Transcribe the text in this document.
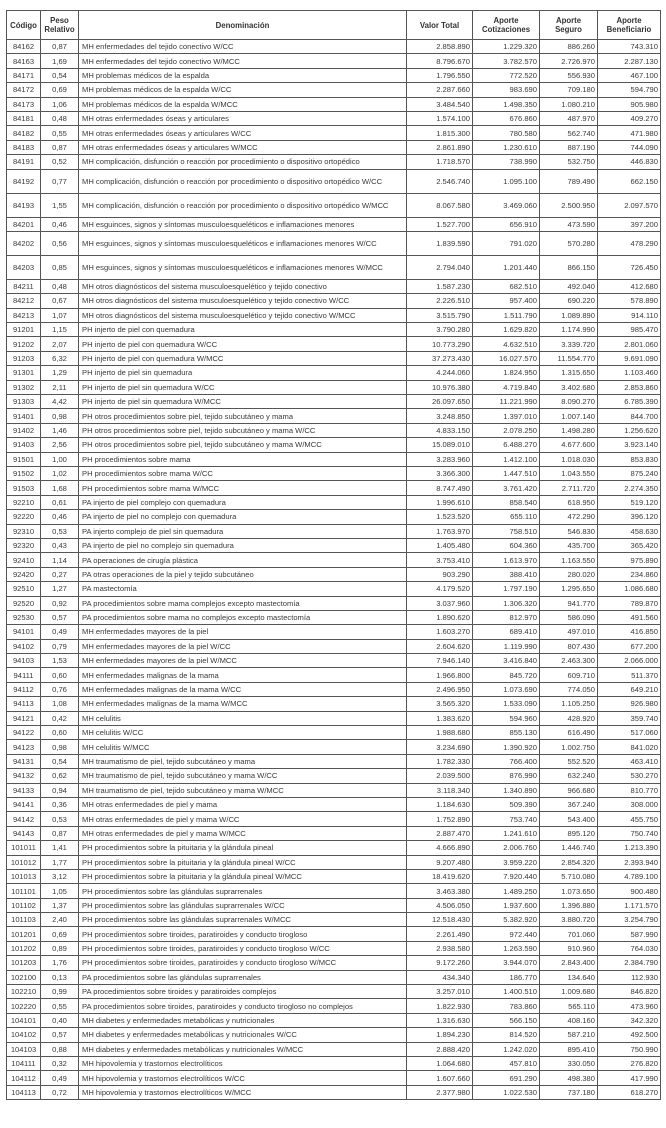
Código	Peso Relativo	Denominación	Valor Total	Aporte Cotizaciones	Aporte Seguro	Aporte Beneficiario
84162	0,87	MH enfermedades del tejido conectivo W/CC	2.858.890	1.229.320	886.260	743.310
84163	1,69	MH enfermedades del tejido conectivo W/MCC	8.796.670	3.782.570	2.726.970	2.287.130
84171	0,54	MH problemas médicos de la espalda	1.796.550	772.520	556.930	467.100
84172	0,69	MH problemas médicos de la espalda W/CC	2.287.660	983.690	709.180	594.790
84173	1,06	MH problemas médicos de la espalda W/MCC	3.484.540	1.498.350	1.080.210	905.980
84181	0,48	MH otras enfermedades óseas y articulares	1.574.100	676.860	487.970	409.270
84182	0,55	MH otras enfermedades óseas y articulares W/CC	1.815.300	780.580	562.740	471.980
84183	0,87	MH otras enfermedades óseas y articulares W/MCC	2.861.890	1.230.610	887.190	744.090
84191	0,52	MH complicación, disfunción o reacción por procedimiento o dispositivo ortopédico	1.718.570	738.990	532.750	446.830
84192	0,77	MH complicación, disfunción o reacción por procedimiento o dispositivo ortopédico W/CC	2.546.740	1.095.100	789.490	662.150
84193	1,55	MH complicación, disfunción o reacción por procedimiento o dispositivo ortopédico W/MCC	8.067.580	3.469.060	2.500.950	2.097.570
84201	0,46	MH esguinces, signos y síntomas musculoesqueléticos e inflamaciones menores	1.527.700	656.910	473.590	397.200
84202	0,56	MH esguinces, signos y síntomas musculoesqueléticos e inflamaciones menores W/CC	1.839.590	791.020	570.280	478.290
84203	0,85	MH esguinces, signos y síntomas musculoesqueléticos e inflamaciones menores W/MCC	2.794.040	1.201.440	866.150	726.450
84211	0,48	MH otros diagnósticos del sistema musculoesquelético y tejido conectivo	1.587.230	682.510	492.040	412.680
84212	0,67	MH otros diagnósticos del sistema musculoesquelético y tejido conectivo W/CC	2.226.510	957.400	690.220	578.890
84213	1,07	MH otros diagnósticos del sistema musculoesquelético y tejido conectivo W/MCC	3.515.790	1.511.790	1.089.890	914.110
91201	1,15	PH injerto de piel con quemadura	3.790.280	1.629.820	1.174.990	985.470
91202	2,07	PH injerto de piel con quemadura W/CC	10.773.290	4.632.510	3.339.720	2.801.060
91203	6,32	PH injerto de piel con quemadura W/MCC	37.273.430	16.027.570	11.554.770	9.691.090
91301	1,29	PH injerto de piel sin quemadura	4.244.060	1.824.950	1.315.650	1.103.460
91302	2,11	PH injerto de piel sin quemadura W/CC	10.976.380	4.719.840	3.402.680	2.853.860
91303	4,42	PH injerto de piel sin quemadura W/MCC	26.097.650	11.221.990	8.090.270	6.785.390
91401	0,98	PH otros procedimientos sobre piel, tejido subcutáneo y mama	3.248.850	1.397.010	1.007.140	844.700
91402	1,46	PH otros procedimientos sobre piel, tejido subcutáneo y mama W/CC	4.833.150	2.078.250	1.498.280	1.256.620
91403	2,56	PH otros procedimientos sobre piel, tejido subcutáneo y mama W/MCC	15.089.010	6.488.270	4.677.600	3.923.140
91501	1,00	PH procedimientos sobre mama	3.283.960	1.412.100	1.018.030	853.830
91502	1,02	PH procedimientos sobre mama W/CC	3.366.300	1.447.510	1.043.550	875.240
91503	1,68	PH procedimientos sobre mama W/MCC	8.747.490	3.761.420	2.711.720	2.274.350
92210	0,61	PA injerto de piel complejo con quemadura	1.996.610	858.540	618.950	519.120
92220	0,46	PA injerto de piel no complejo con quemadura	1.523.520	655.110	472.290	396.120
92310	0,53	PA injerto complejo de piel sin quemadura	1.763.970	758.510	546.830	458.630
92320	0,43	PA injerto de piel no complejo sin quemadura	1.405.480	604.360	435.700	365.420
92410	1,14	PA operaciones de cirugía plástica	3.753.410	1.613.970	1.163.550	975.890
92420	0,27	PA otras operaciones de la piel y tejido subcutáneo	903.290	388.410	280.020	234.860
92510	1,27	PA mastectomía	4.179.520	1.797.190	1.295.650	1.086.680
92520	0,92	PA procedimientos sobre mama complejos excepto mastectomía	3.037.960	1.306.320	941.770	789.870
92530	0,57	PA procedimientos sobre mama no complejos excepto mastectomía	1.890.620	812.970	586.090	491.560
94101	0,49	MH enfermedades mayores de la piel	1.603.270	689.410	497.010	416.850
94102	0,79	MH enfermedades mayores de la piel W/CC	2.604.620	1.119.990	807.430	677.200
94103	1,53	MH enfermedades mayores de la piel W/MCC	7.946.140	3.416.840	2.463.300	2.066.000
94111	0,60	MH enfermedades malignas de la mama	1.966.800	845.720	609.710	511.370
94112	0,76	MH enfermedades malignas de la mama W/CC	2.496.950	1.073.690	774.050	649.210
94113	1,08	MH enfermedades malignas de la mama W/MCC	3.565.320	1.533.090	1.105.250	926.980
94121	0,42	MH celulitis	1.383.620	594.960	428.920	359.740
94122	0,60	MH celulitis W/CC	1.988.680	855.130	616.490	517.060
94123	0,98	MH celulitis W/MCC	3.234.690	1.390.920	1.002.750	841.020
94131	0,54	MH traumatismo de piel, tejido subcutáneo y mama	1.782.330	766.400	552.520	463.410
94132	0,62	MH traumatismo de piel, tejido subcutáneo y mama W/CC	2.039.500	876.990	632.240	530.270
94133	0,94	MH traumatismo de piel, tejido subcutáneo y mama W/MCC	3.118.340	1.340.890	966.680	810.770
94141	0,36	MH otras enfermedades de piel y mama	1.184.630	509.390	367.240	308.000
94142	0,53	MH otras enfermedades de piel y mama W/CC	1.752.890	753.740	543.400	455.750
94143	0,87	MH otras enfermedades de piel y mama W/MCC	2.887.470	1.241.610	895.120	750.740
101011	1,41	PH procedimientos sobre la pituitaria y la glándula pineal	4.666.890	2.006.760	1.446.740	1.213.390
101012	1,77	PH procedimientos sobre la pituitaria y la glándula pineal W/CC	9.207.480	3.959.220	2.854.320	2.393.940
101013	3,12	PH procedimientos sobre la pituitaria y la glándula pineal W/MCC	18.419.620	7.920.440	5.710.080	4.789.100
101101	1,05	PH procedimientos sobre las glándulas suprarrenales	3.463.380	1.489.250	1.073.650	900.480
101102	1,37	PH procedimientos sobre las glándulas suprarrenales W/CC	4.506.050	1.937.600	1.396.880	1.171.570
101103	2,40	PH procedimientos sobre las glándulas suprarrenales W/MCC	12.518.430	5.382.920	3.880.720	3.254.790
101201	0,69	PH procedimientos sobre tiroides, paratiroides y conducto tirogloso	2.261.490	972.440	701.060	587.990
101202	0,89	PH procedimientos sobre tiroides, paratiroides y conducto tirogloso W/CC	2.938.580	1.263.590	910.960	764.030
101203	1,76	PH procedimientos sobre tiroides, paratiroides y conducto tirogloso W/MCC	9.172.260	3.944.070	2.843.400	2.384.790
102100	0,13	PA procedimientos sobre las glándulas suprarrenales	434.340	186.770	134.640	112.930
102210	0,99	PA procedimientos sobre tiroides y paratiroides complejos	3.257.010	1.400.510	1.009.680	846.820
102220	0,55	PA procedimientos sobre tiroides, paratiroides y conducto tirogloso no complejos	1.822.930	783.860	565.110	473.960
104101	0,40	MH diabetes y enfermedades metabólicas y nutricionales	1.316.630	566.150	408.160	342.320
104102	0,57	MH diabetes y enfermedades metabólicas y nutricionales W/CC	1.894.230	814.520	587.210	492.500
104103	0,88	MH diabetes y enfermedades metabólicas y nutricionales W/MCC	2.888.420	1.242.020	895.410	750.990
104111	0,32	MH hipovolemia y trastornos electrolíticos	1.064.680	457.810	330.050	276.820
104112	0,49	MH hipovolemia y trastornos electrolíticos W/CC	1.607.660	691.290	498.380	417.990
104113	0,72	MH hipovolemia y trastornos electrolíticos W/MCC	2.377.980	1.022.530	737.180	618.270
